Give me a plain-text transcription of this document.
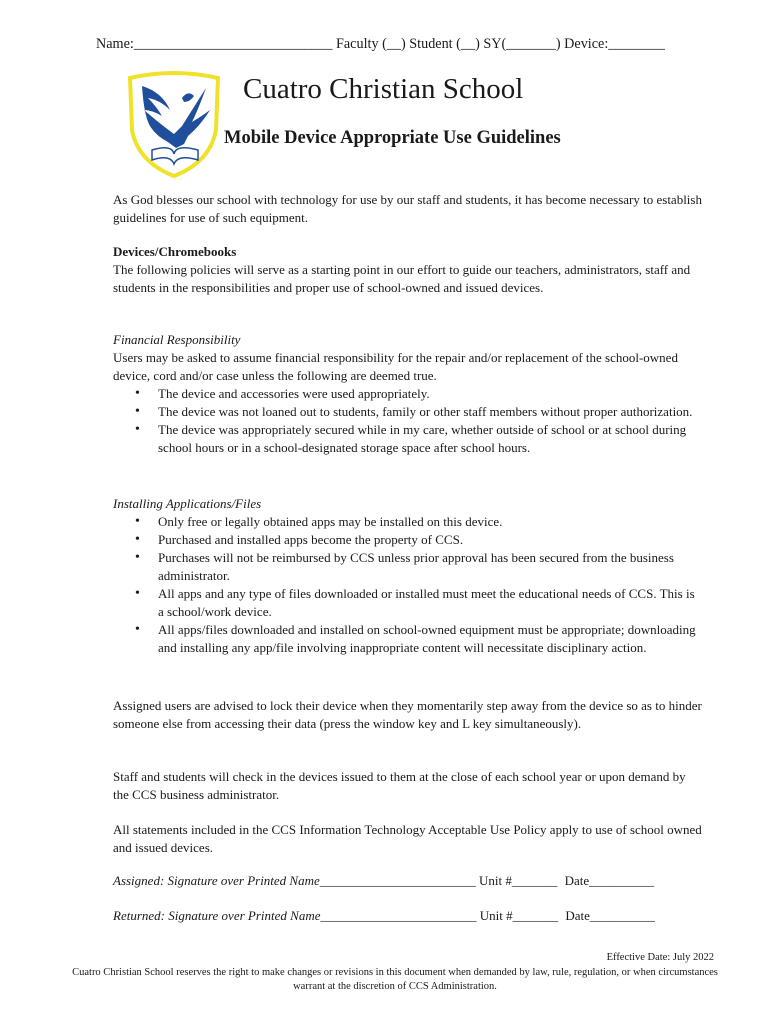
Name:____________________________ Faculty (__) Student (__) SY(_______) Device:________
Cuatro Christian School
Mobile Device Appropriate Use Guidelines
As God blesses our school with technology for use by our staff and students, it has become necessary to establish guidelines for use of such equipment.

Devices/Chromebooks

The following policies will serve as a starting point in our effort to guide our teachers, administrators, staff and students in the responsibilities and proper use of school-owned and issued devices.

Financial Responsibility

Users may be asked to assume financial responsibility for the repair and/or replacement of the school-owned device, cord and/or case unless the following are deemed true.

• The device and accessories were used appropriately.
• The device was not loaned out to students, family or other staff members without proper authorization.
• The device was appropriately secured while in my care, whether outside of school or at school during school hours or in a school-designated storage space after school hours.

Installing Applications/Files

• Only free or legally obtained apps may be installed on this device.
• Purchased and installed apps become the property of CCS.
• Purchases will not be reimbursed by CCS unless prior approval has been secured from the business administrator.
• All apps and any type of files downloaded or installed must meet the educational needs of CCS. This is a school/work device.
• All apps/files downloaded and installed on school-owned equipment must be appropriate; downloading and installing any app/file involving inappropriate content will necessitate disciplinary action.
Assigned users are advised to lock their device when they momentarily step away from the device so as to hinder someone else from accessing their data (press the window key and L key simultaneously).
Staff and students will check in the devices issued to them at the close of each school year or upon demand by the CCS business administrator.
All statements included in the CCS Information Technology Acceptable Use Policy apply to use of school owned and issued devices.
Assigned: Signature over Printed Name________________________ Unit #_______ Date__________
Returned: Signature over Printed Name________________________ Unit #_______ Date__________
Effective Date: July 2022
Cuatro Christian School reserves the right to make changes or revisions in this document when demanded by law, rule, regulation, or when circumstances warrant at the discretion of CCS Administration.
